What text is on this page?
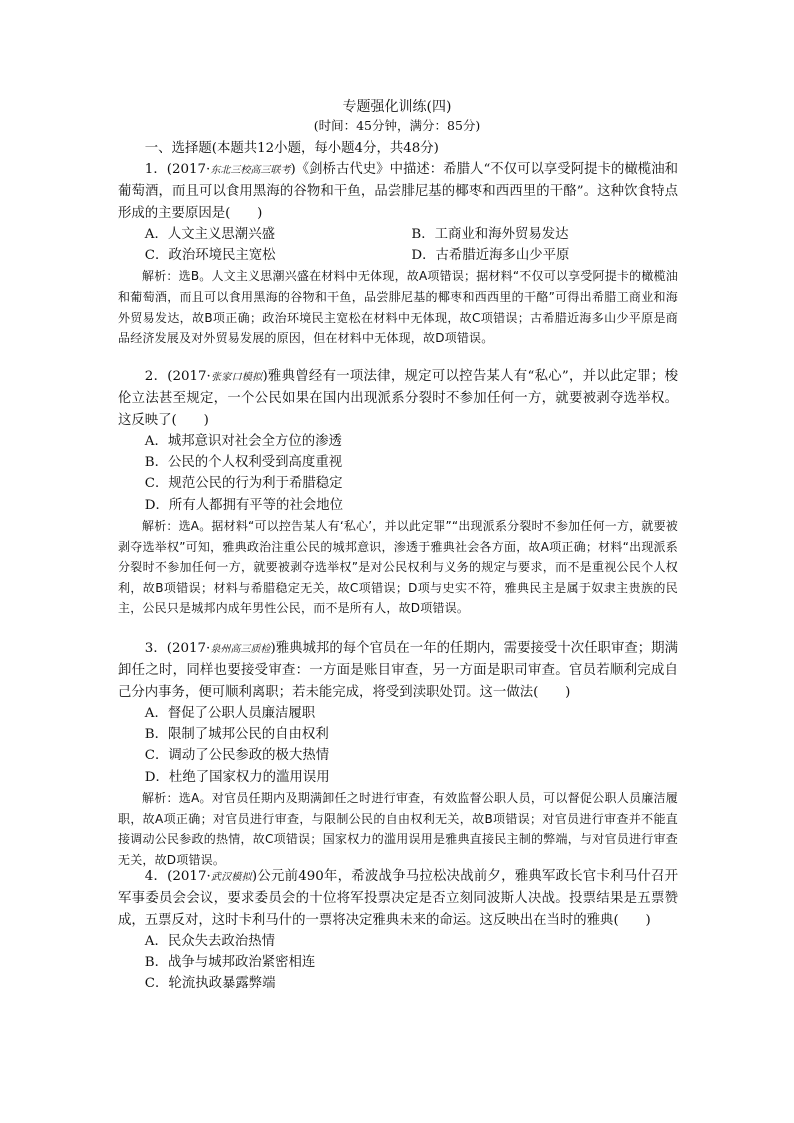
专题强化训练(四)
(时间：45分钟，满分：85分)
一、选择题(本题共12小题，每小题4分，共48分)
1．(2017·东北三校高三联考)《剑桥古代史》中描述：希腊人“不仅可以享受阿提卡的橄榄油和葡萄酒，而且可以食用黑海的谷物和干鱼，品尝腓尼基的椰枣和西西里的干酪”。这种饮食特点形成的主要原因是(　　)
A．人文主义思潮兴盛	B．工商业和海外贸易发达
C．政治环境民主宽松	D．古希腊近海多山少平原
解析：选B。人文主义思潮兴盛在材料中无体现，故A项错误；据材料“不仅可以享受阿提卡的橄榄油和葡萄酒，而且可以食用黑海的谷物和干鱼，品尝腓尼基的椰枣和西西里的干酪”可得出希腊工商业和海外贸易发达，故B项正确；政治环境民主宽松在材料中无体现，故C项错误；古希腊近海多山少平原是商品经济发展及对外贸易发展的原因，但在材料中无体现，故D项错误。
2．(2017·张家口模拟)雅典曾经有一项法律，规定可以控告某人有“私心”，并以此定罪；梭伦立法甚至规定，一个公民如果在国内出现派系分裂时不参加任何一方，就要被剥夺选举权。这反映了(　　)
A．城邦意识对社会全方位的渗透
B．公民的个人权利受到高度重视
C．规范公民的行为利于希腊稳定
D．所有人都拥有平等的社会地位
解析：选A。据材料“可以控告某人有‘私心’，并以此定罪”“出现派系分裂时不参加任何一方，就要被剥夺选举权”可知，雅典政治注重公民的城邦意识，渗透于雅典社会各方面，故A项正确；材料“出现派系分裂时不参加任何一方，就要被剥夺选举权”是对公民权利与义务的规定与要求，而不是重视公民个人权利，故B项错误；材料与希腊稳定无关，故C项错误；D项与史实不符，雅典民主是属于奴隶主贵族的民主，公民只是城邦内成年男性公民，而不是所有人，故D项错误。
3．(2017·泉州高三质检)雅典城邦的每个官员在一年的任期内，需要接受十次任职审查；期满卸任之时，同样也要接受审查：一方面是账目审查，另一方面是职司审查。官员若顺利完成自己分内事务，便可顺利离职；若未能完成，将受到渎职处罚。这一做法(　　)
A．督促了公职人员廉洁履职
B．限制了城邦公民的自由权利
C．调动了公民参政的极大热情
D．杜绝了国家权力的滥用误用
解析：选A。对官员任期内及期满卸任之时进行审查，有效监督公职人员，可以督促公职人员廉洁履职，故A项正确；对官员进行审查，与限制公民的自由权利无关，故B项错误；对官员进行审查并不能直接调动公民参政的热情，故C项错误；国家权力的滥用误用是雅典直接民主制的弊端，与对官员进行审查无关，故D项错误。
4．(2017·武汉模拟)公元前490年，希波战争马拉松决战前夕，雅典军政长官卡利马什召开军事委员会会议，要求委员会的十位将军投票决定是否立刻同波斯人决战。投票结果是五票赞成，五票反对，这时卡利马什的一票将决定雅典未来的命运。这反映出在当时的雅典(　　)
A．民众失去政治热情
B．战争与城邦政治紧密相连
C．轮流执政暴露弊端
